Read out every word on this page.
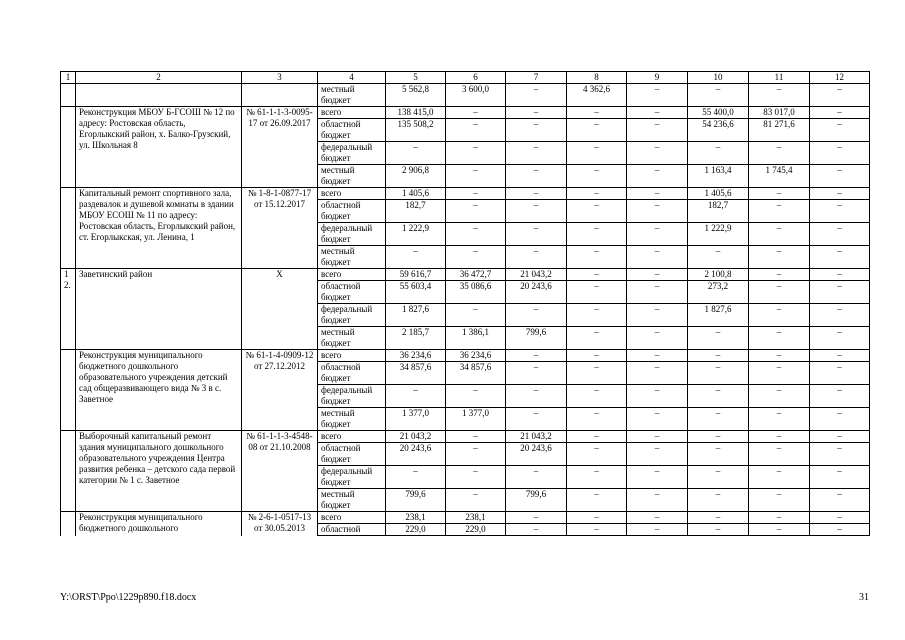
1	2	3	4	5	6	7	8	9	10	11	12
			местный бюджет	5 562,8	3 600,0	–	4 362,6	–	–	–	–
	Реконструкция МБОУ Б-ГСОШ № 12 по адресу: Ростовская область, Егорлыкский район, х. Балко-Грузский, ул. Школьная 8	№ 61-1-1-3-0095-17 от 26.09.2017	всего	138 415,0	–	–	–	–	55 400,0	83 017,0	–
			областной бюджет	135 508,2	–	–	–	–	54 236,6	81 271,6	–
			федеральный бюджет	–	–	–	–	–	–	–	–
			местный бюджет	2 906,8	–	–	–	–	1 163,4	1 745,4	–
	Капитальный ремонт спортивного зала, раздевалок и душевой комнаты в здании МБОУ ЕСОШ № 11 по адресу: Ростовская область, Егорлыкский район, ст. Егорлыкская, ул. Ленина, 1	№ 1-8-1-0877-17 от 15.12.2017	всего	1 405,6	–	–	–	–	1 405,6	–	–
			областной бюджет	182,7	–	–	–	–	182,7	–	–
			федеральный бюджет	1 222,9	–	–	–	–	1 222,9	–	–
			местный бюджет	–	–	–	–	–	–	–	–
12.	Заветинский район	Х	всего	59 616,7	36 472,7	21 043,2	–	–	2 100,8	–	–
			областной бюджет	55 603,4	35 086,6	20 243,6	–	–	273,2	–	–
			федеральный бюджет	1 827,6	–	–	–	–	1 827,6	–	–
			местный бюджет	2 185,7	1 386,1	799,6	–	–	–	–	–
	Реконструкция муниципального бюджетного дошкольного образовательного учреждения детский сад общеразвивающего вида № 3 в с. Заветное	№ 61-1-4-0909-12 от 27.12.2012	всего	36 234,6	36 234,6	–	–	–	–	–	–
			областной бюджет	34 857,6	34 857,6	–	–	–	–	–	–
			федеральный бюджет	–	–	–	–	–	–	–	–
			местный бюджет	1 377,0	1 377,0	–	–	–	–	–	–
	Выборочный капитальный ремонт здания муниципального дошкольного образовательного учреждения Центра развития ребенка – детского сада первой категории № 1 с. Заветное	№ 61-1-1-3-4548-08 от 21.10.2008	всего	21 043,2	–	21 043,2	–	–	–	–	–
			областной бюджет	20 243,6	–	20 243,6	–	–	–	–	–
			федеральный бюджет	–	–	–	–	–	–	–	–
			местный бюджет	799,6	–	799,6	–	–	–	–	–
	Реконструкция муниципального бюджетного дошкольного	№ 2-6-1-0517-13 от 30.05.2013	всего	238,1	238,1	–	–	–	–	–	–
			областной	229,0	229,0	–	–	–	–	–	–
Y:\ORST\Ppo\1229p890.f18.docx	31
